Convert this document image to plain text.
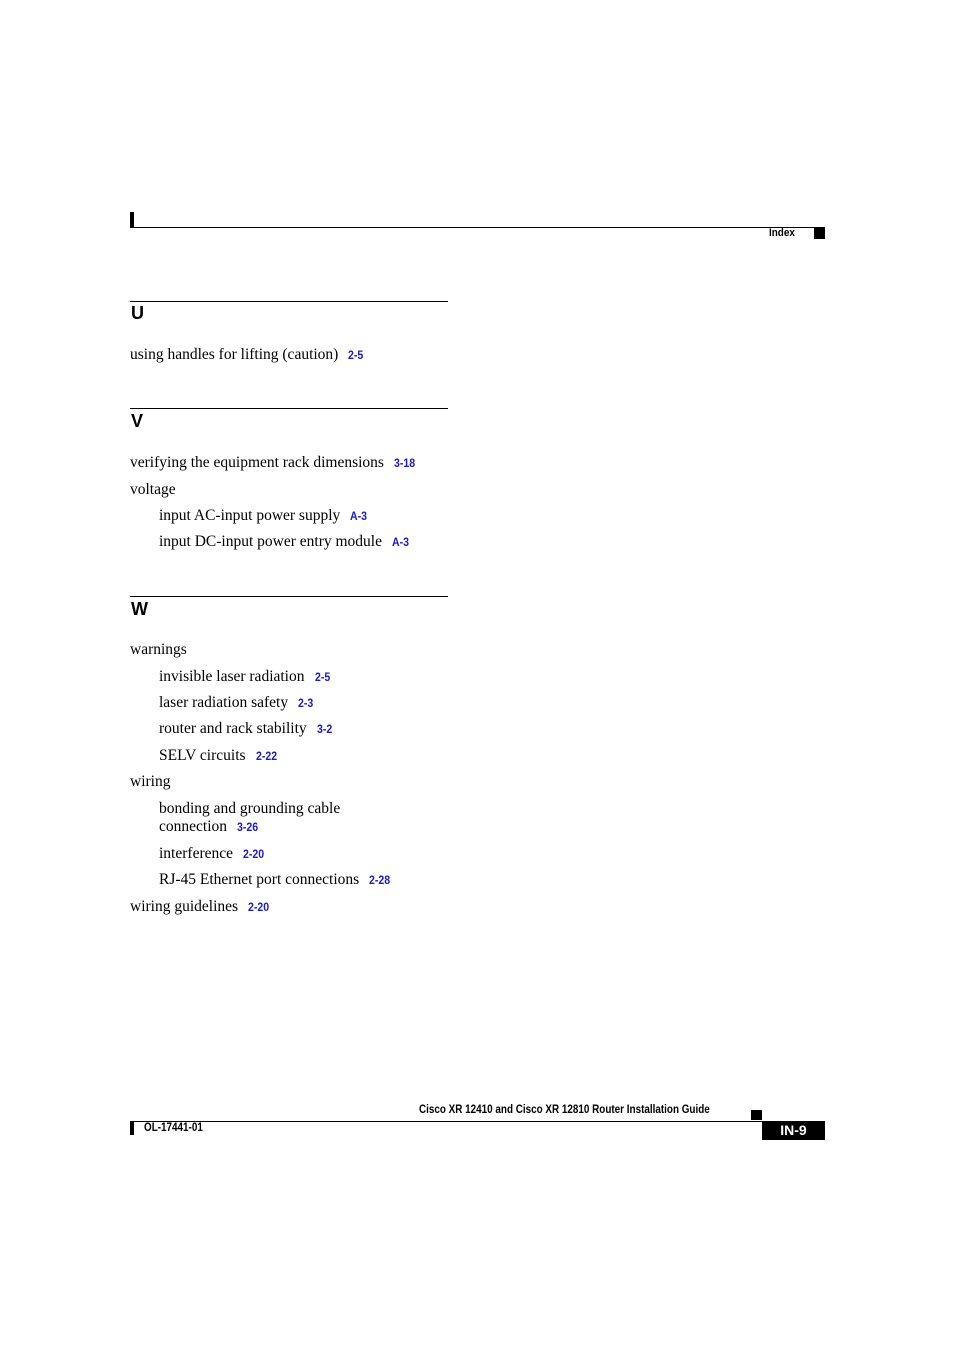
Index
U
using handles for lifting (caution) 2-5
V
verifying the equipment rack dimensions 3-18
voltage
input AC-input power supply A-3
input DC-input power entry module A-3
W
warnings
invisible laser radiation 2-5
laser radiation safety 2-3
router and rack stability 3-2
SELV circuits 2-22
wiring
bonding and grounding cable
connection 3-26
interference 2-20
RJ-45 Ethernet port connections 2-28
wiring guidelines 2-20
Cisco XR 12410 and Cisco XR 12810 Router Installation Guide
OL-17441-01	IN-9
